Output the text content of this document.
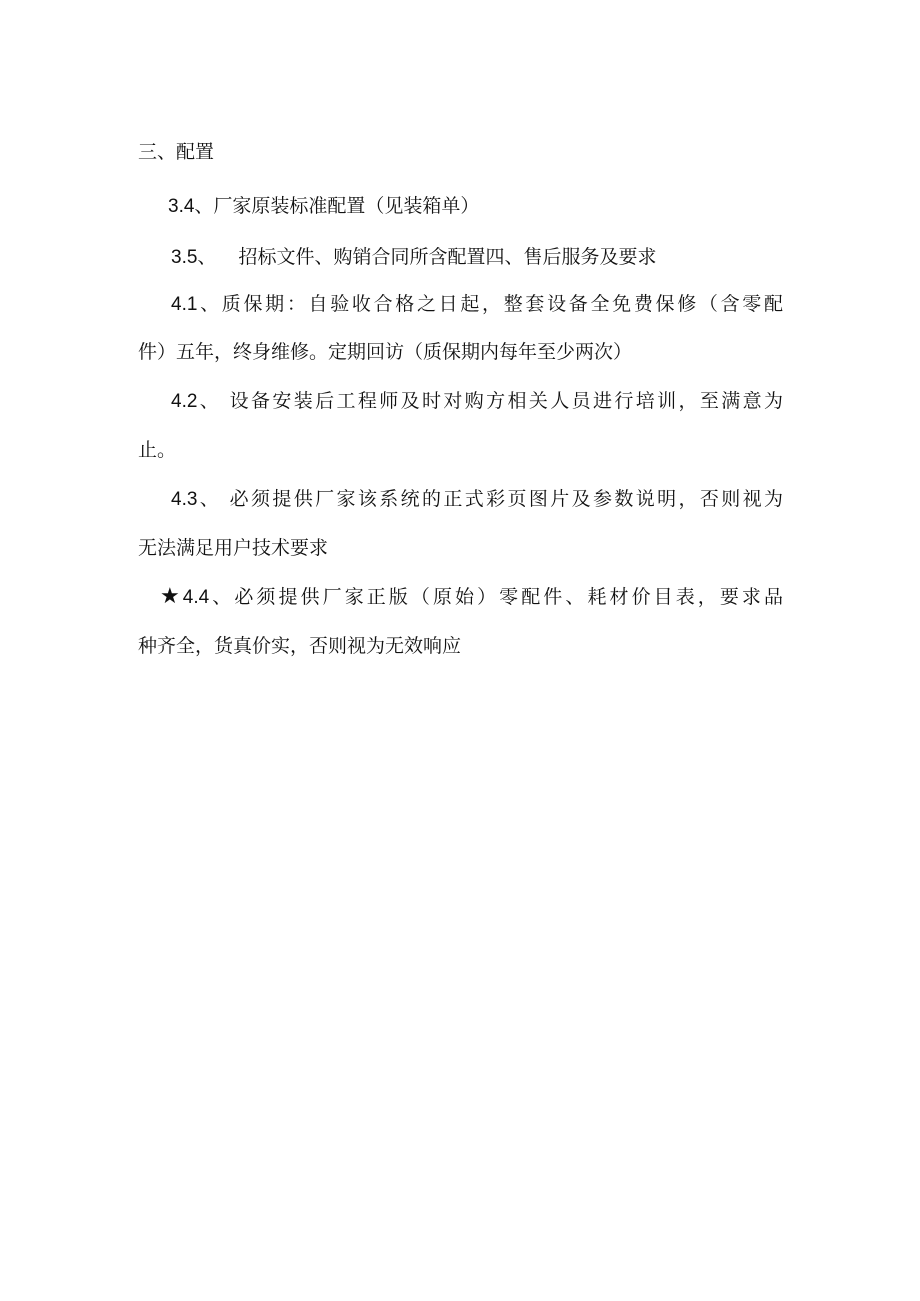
三、配置
3.4、厂家原装标准配置（见装箱单）
3.5、 招标文件、购销合同所含配置四、售后服务及要求
4.1、质保期：自验收合格之日起，整套设备全免费保修（含零配
件）五年，终身维修。定期回访（质保期内每年至少两次）
4.2、 设备安装后工程师及时对购方相关人员进行培训，至满意为
止。
4.3、 必须提供厂家该系统的正式彩页图片及参数说明，否则视为
无法满足用户技术要求
★4.4、必须提供厂家正版（原始）零配件、耗材价目表，要求品
种齐全，货真价实，否则视为无效响应
